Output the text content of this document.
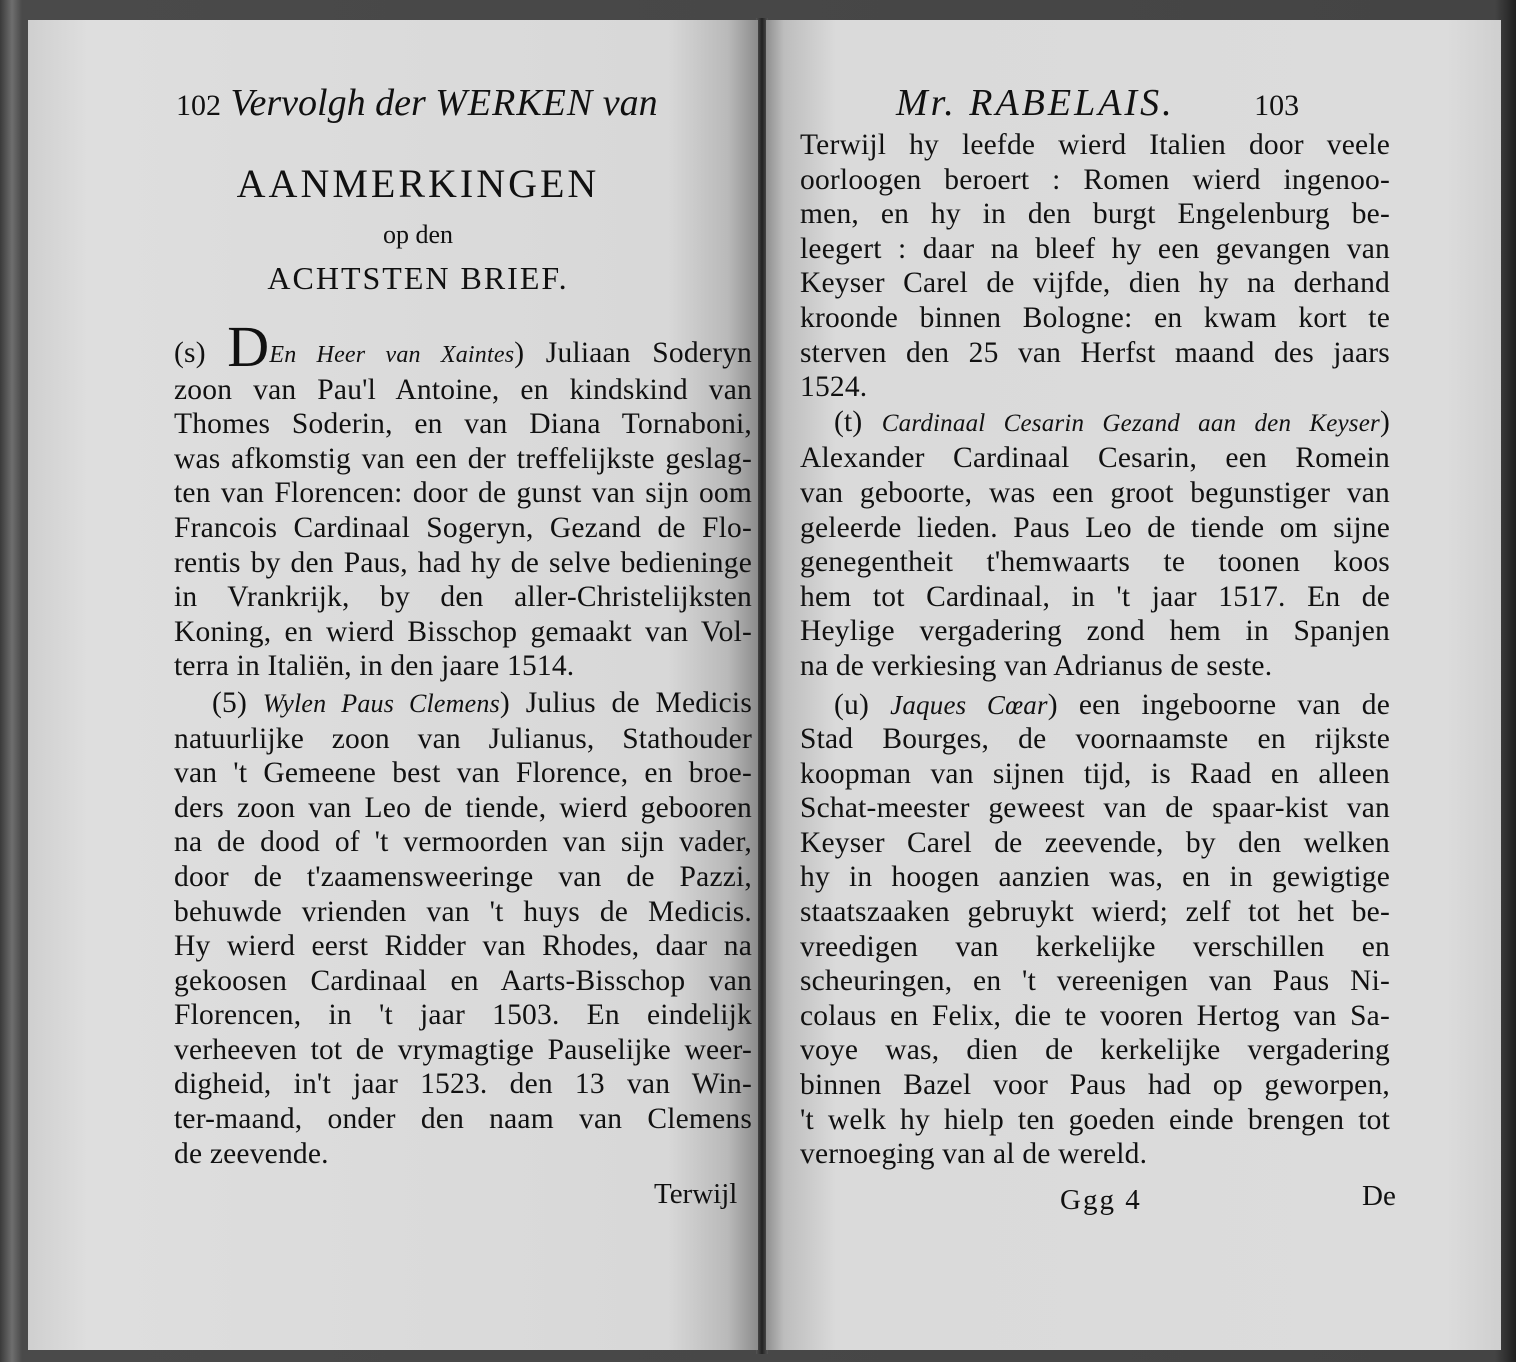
102 Vervolgh der WERKEN van
AANMERKINGEN
op den
ACHTSTEN BRIEF.
(s) DEn Heer van Xaintes) Juliaan Soderyn
zoon van Pau'l Antoine, en kindskind van
Thomes Soderin, en van Diana Tornaboni,
was afkomstig van een der treffelijkste geslag-
ten van Florencen: door de gunst van sijn oom
Francois Cardinaal Sogeryn, Gezand de Flo-
rentis by den Paus, had hy de selve bedieninge
in Vrankrijk, by den aller-Christelijksten
Koning, en wierd Bisschop gemaakt van Vol-
terra in Italiën, in den jaare 1514.
(5) Wylen Paus Clemens) Julius de Medicis
natuurlijke zoon van Julianus, Stathouder
van 't Gemeene best van Florence, en broe-
ders zoon van Leo de tiende, wierd gebooren
na de dood of 't vermoorden van sijn vader,
door de t'zaamensweeringe van de Pazzi,
behuwde vrienden van 't huys de Medicis.
Hy wierd eerst Ridder van Rhodes, daar na
gekoosen Cardinaal en Aarts-Bisschop van
Florencen, in 't jaar 1503. En eindelijk
verheeven tot de vrymagtige Pauselijke weer-
digheid, in't jaar 1523. den 13 van Win-
ter-maand, onder den naam van Clemens
de zeevende.
Terwijl
Mr. RABELAIS.	103
Terwijl hy leefde wierd Italien door veele
oorloogen beroert : Romen wierd ingenoo-
men, en hy in den burgt Engelenburg be-
leegert : daar na bleef hy een gevangen van
Keyser Carel de vijfde, dien hy na derhand
kroonde binnen Bologne: en kwam kort te
sterven den 25 van Herfst maand des jaars
1524.
(t) Cardinaal Cesarin Gezand aan den Keyser)
Alexander Cardinaal Cesarin, een Romein
van geboorte, was een groot begunstiger van
geleerde lieden. Paus Leo de tiende om sijne
genegentheit t'hemwaarts te toonen koos
hem tot Cardinaal, in 't jaar 1517. En de
Heylige vergadering zond hem in Spanjen
na de verkiesing van Adrianus de seste.
(u) Jaques Cœar) een ingeboorne van de
Stad Bourges, de voornaamste en rijkste
koopman van sijnen tijd, is Raad en alleen
Schat-meester geweest van de spaar-kist van
Keyser Carel de zeevende, by den welken
hy in hoogen aanzien was, en in gewigtige
staatszaaken gebruykt wierd; zelf tot het be-
vreedigen van kerkelijke verschillen en
scheuringen, en 't vereenigen van Paus Ni-
colaus en Felix, die te vooren Hertog van Sa-
voye was, dien de kerkelijke vergadering
binnen Bazel voor Paus had op geworpen,
't welk hy hielp ten goeden einde brengen tot
vernoeging van al de wereld.
Ggg 4	De
